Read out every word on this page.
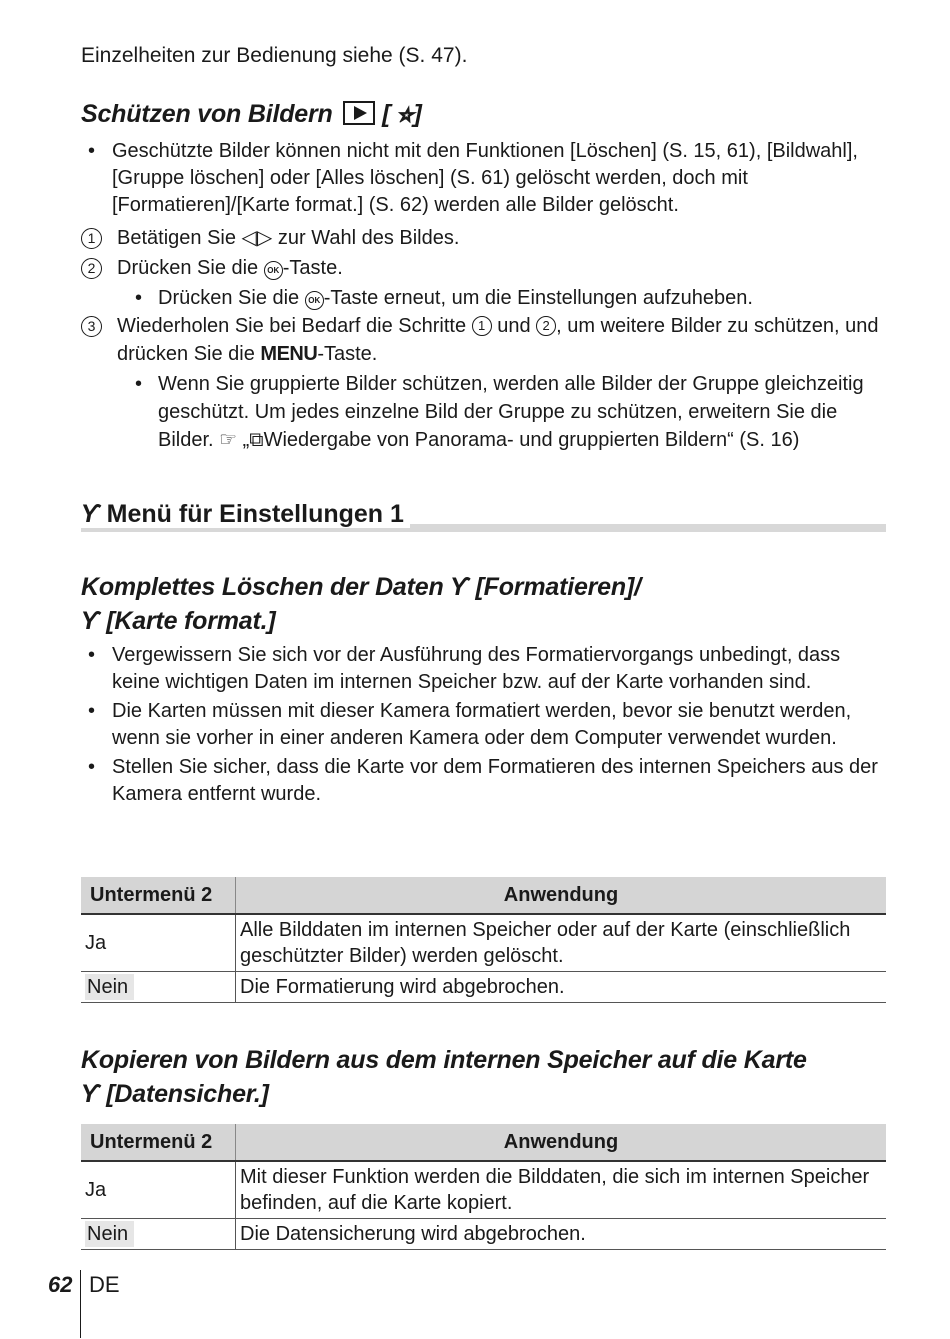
Einzelheiten zur Bedienung siehe (S. 47).
Schützen von Bildern [ ⭐︎]

• Geschützte Bilder können nicht mit den Funktionen [Löschen] (S. 15, 61), [Bildwahl], [Gruppe löschen] oder [Alles löschen] (S. 61) gelöscht werden, doch mit [Formatieren]/[Karte format.] (S. 62) werden alle Bilder gelöscht.

1	Betätigen Sie ◁▷ zur Wahl des Bildes.

2	Drücken Sie die OK -Taste.

• Drücken Sie die OK -Taste erneut, um die Einstellungen aufzuheben.

3	Wiederholen Sie bei Bedarf die Schritte 1 und 2 , um weitere Bilder zu schützen, und drücken Sie die MENU-Taste.

• Wenn Sie gruppierte Bilder schützen, werden alle Bilder der Gruppe gleichzeitig geschützt. Um jedes einzelne Bild der Gruppe zu schützen, erweitern Sie die Bilder. ☞ „⧉Wiedergabe von Panorama- und gruppierten Bildern“ (S. 16)

ϒ Menü für Einstellungen 1
Komplettes Löschen der Daten ϒ [Formatieren]/
ϒ [Karte format.]

• Vergewissern Sie sich vor der Ausführung des Formatiervorgangs unbedingt, dass keine wichtigen Daten im internen Speicher bzw. auf der Karte vorhanden sind.

• Die Karten müssen mit dieser Kamera formatiert werden, bevor sie benutzt werden, wenn sie vorher in einer anderen Kamera oder dem Computer verwendet wurden.

• Stellen Sie sicher, dass die Karte vor dem Formatieren des internen Speichers aus der Kamera entfernt wurde.

Untermenü 2	Anwendung
Ja	Alle Bilddaten im internen Speicher oder auf der Karte (einschließlich geschützter Bilder) werden gelöscht.
Nein	Die Formatierung wird abgebrochen.
Kopieren von Bildern aus dem internen Speicher auf die Karte
ϒ [Datensicher.]
Untermenü 2	Anwendung
Ja	Mit dieser Funktion werden die Bilddaten, die sich im internen Speicher befinden, auf die Karte kopiert.
Nein	Die Datensicherung wird abgebrochen.
62 DE
